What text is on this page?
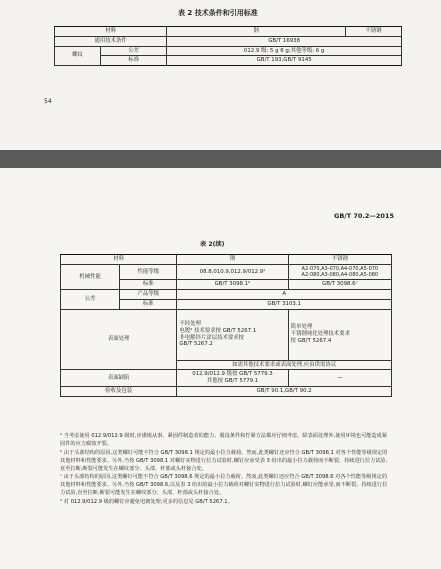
表 2 技术条件和引用标准
材料		钢	不锈钢
通用技术条件		GB/T 16938	
螺纹	公差	012.9 级: 5 g 6 g;其他等级: 6 g	
	标准	GB/T 193,GB/T 9145	
54
GB/T 70.2—2015
表 2(续)
材料		钢	不锈钢
机械性能	性能等级	08.8,010.9,012.9/012.9ᵃ	A2-070,A3-070,A4-070,A5-070
A2-080,A3-080,A4-080,A5-080

	标准	GB/T 3098.1ᵇ	GB/T 3098.6ᶜ
公差	产品等级	A	
	标准	GB/T 3103.1	
表面处理		不经处理
电镀ᵈ 技术要求按 GB/T 5267.1
非电解锌片涂层技术要求按
GB/T 5267.2	简单处理
不锈钢钝化处理技术要求
按 GB/T 5267.4

		如需其他技术要求或表面处理,应由供需协议	
表面缺陷		012.9/012.9 级按 GB/T 5779.3
其他按 GB/T 5779.1	—
验收及包装		GB/T 90.1,GB/T 90.2	

ᵃ 当考虑使用 012.9/012.9 级时,应谨慎从事。紧固件制造者的能力、服役条件和拧紧方法都应仔细考虑。除表面处理外,使用环境也可能造成紧固件的应力腐蚀开裂。

ᵇ 由于头部结构的原因,这类螺钉可能不符合 GB/T 3098.1 规定的最小拉力载荷。然而,此类螺钉还应符合 GB/T 3098.1 对各个性能等级规定的其他材料和性能要求。另外,当按 GB/T 3098.1 对螺钉实物进行拉力试验时,螺钉应承受表 3 给出的最小拉力载荷而不断裂。持续进行拉力试验,直至拉断,断裂可能发生在螺纹部分、头部、杆部或头杆接合处。

ᶜ 由于头部结构的原因,这类螺钉可能不符合 GB/T 3098.6 规定的最小拉力载荷。然而,此类螺钉还应符合 GB/T 3098.6 对各个性能等级规定的其他材料和性能要求。另外,当按 GB/T 3098.6,以及表 3 给出的最小拉力载荷对螺钉实物进行拉力试验时,螺钉应能承受,而不断裂。持续进行拉力试验,直至拉断,断裂可能发生在螺纹部分、头部、杆部或头杆接合处。

ᵈ 对 012.9/012.9 级的螺钉应避免电镀处理;更多的信息见 GB/T 5267.1。
